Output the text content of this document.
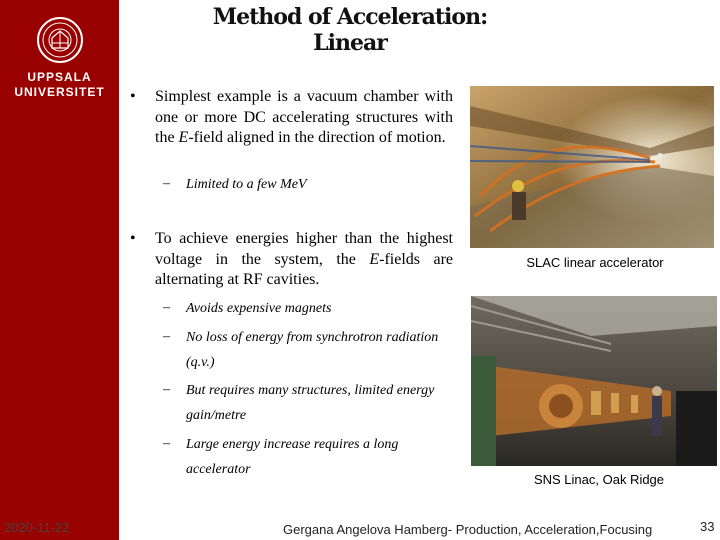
UPPSALA
UNIVERSITET
2020-11-22
Method of Acceleration: Linear
• Simplest example is a vacuum chamber with one or more DC accelerating structures with the E-field aligned in the direction of motion.
– Limited to a few MeV
• To achieve energies higher than the highest voltage in the system, the E-fields are alternating at RF cavities.
– Avoids expensive magnets
– No loss of energy from synchrotron radiation (q.v.)
– But requires many structures, limited energy gain/metre
– Large energy increase requires a long accelerator
SLAC linear accelerator
SNS Linac, Oak Ridge
Gergana Angelova Hamberg- Production, Acceleration,Focusing	33
